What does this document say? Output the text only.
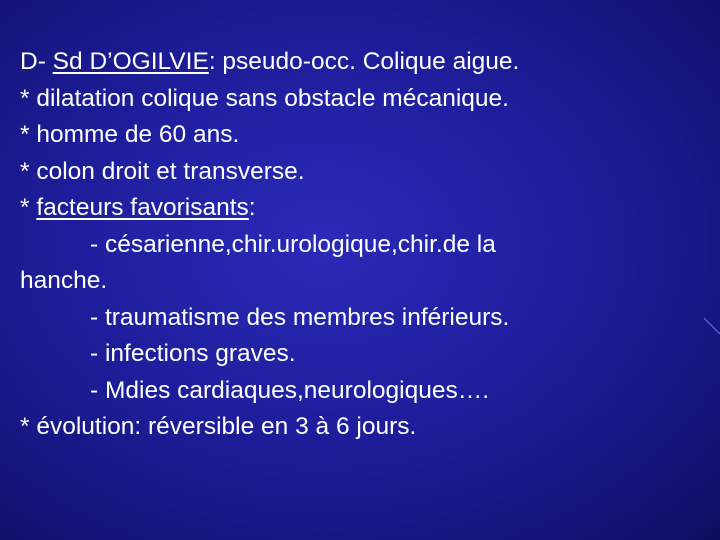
D- Sd D’OGILVIE: pseudo-occ. Colique aigue.
* dilatation colique sans obstacle mécanique.
* homme de 60 ans.
* colon droit et transverse.
* facteurs favorisants:
- césarienne,chir.urologique,chir.de la
hanche.
- traumatisme des membres inférieurs.
- infections graves.
- Mdies cardiaques,neurologiques….
* évolution: réversible en 3 à 6 jours.
